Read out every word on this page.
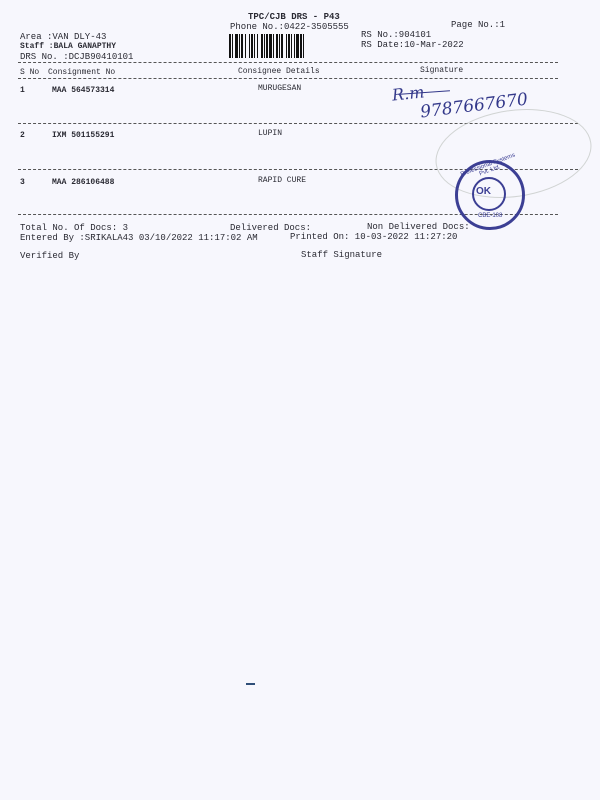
TPC/CJB DRS - P43
Phone No.:0422-3505555	Page No.:1
Area :VAN DLY-43
Staff :BALA GANAPTHY
DRS No. :DCJB90410101
RS No.:904101
RS Date:10-Mar-2022
S No Consignment No	Consignee Details	Signature
1	MAA 564573314	MURUGESAN
2	IXM 501155291	LUPIN
3	MAA 286106488	RAPID CURE
R.m
9787667670
Professional Systems Pvt. Ltd.
OK
CBE-108
Total No. Of Docs: 3	Delivered Docs:	Non Delivered Docs:
Entered By :SRIKALA43 03/10/2022 11:17:02 AM	Printed On: 10-03-2022 11:27:20
Verified By	Staff Signature
